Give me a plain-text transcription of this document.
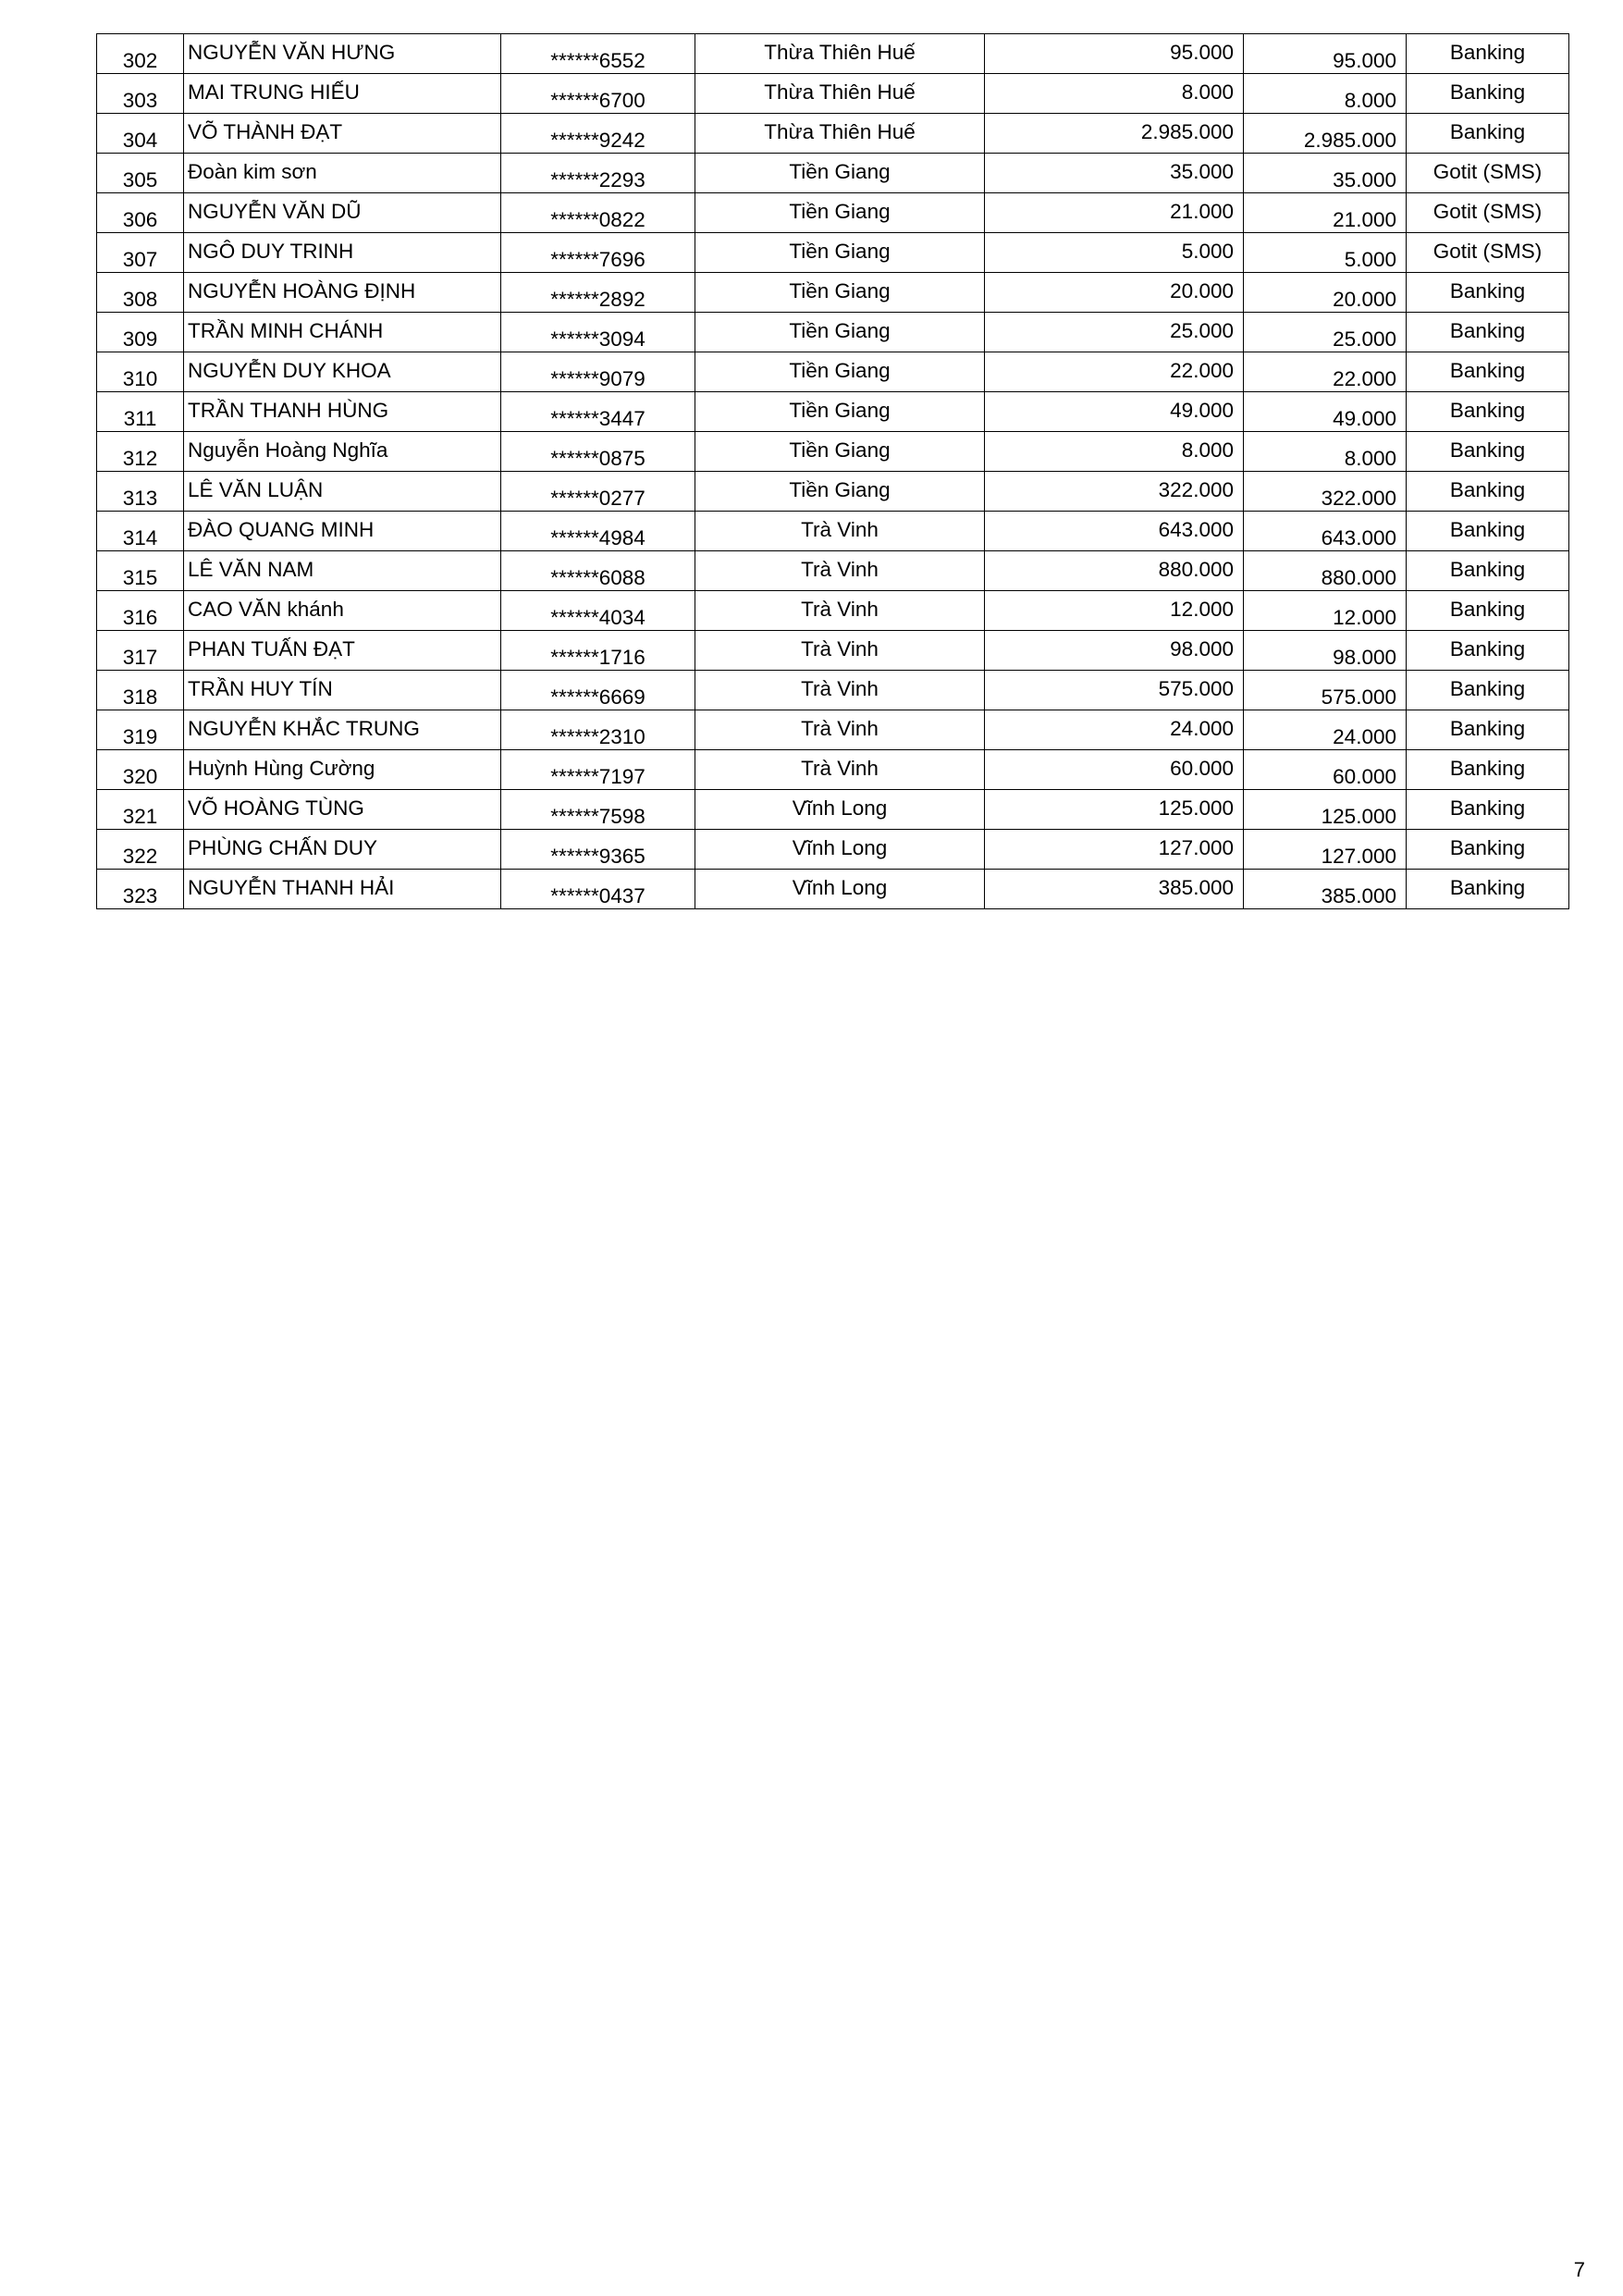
302	NGUYỄN VĂN HƯNG	******6552	Thừa Thiên Huế	95.000	95.000	Banking
303	MAI TRUNG HIẾU	******6700	Thừa Thiên Huế	8.000	8.000	Banking
304	VÕ THÀNH ĐẠT	******9242	Thừa Thiên Huế	2.985.000	2.985.000	Banking
305	Đoàn kim sơn	******2293	Tiền Giang	35.000	35.000	Gotit (SMS)
306	NGUYỄN VĂN DŨ	******0822	Tiền Giang	21.000	21.000	Gotit (SMS)
307	NGÔ DUY TRINH	******7696	Tiền Giang	5.000	5.000	Gotit (SMS)
308	NGUYỄN HOÀNG ĐỊNH	******2892	Tiền Giang	20.000	20.000	Banking
309	TRẦN MINH CHÁNH	******3094	Tiền Giang	25.000	25.000	Banking
310	NGUYỄN DUY KHOA	******9079	Tiền Giang	22.000	22.000	Banking
311	TRẦN THANH HÙNG	******3447	Tiền Giang	49.000	49.000	Banking
312	Nguyễn Hoàng Nghĩa	******0875	Tiền Giang	8.000	8.000	Banking
313	LÊ VĂN LUẬN	******0277	Tiền Giang	322.000	322.000	Banking
314	ĐÀO QUANG MINH	******4984	Trà Vinh	643.000	643.000	Banking
315	LÊ VĂN NAM	******6088	Trà Vinh	880.000	880.000	Banking
316	CAO VĂN khánh	******4034	Trà Vinh	12.000	12.000	Banking
317	PHAN TUẤN ĐẠT	******1716	Trà Vinh	98.000	98.000	Banking
318	TRẦN HUY TÍN	******6669	Trà Vinh	575.000	575.000	Banking
319	NGUYỄN KHẮC TRUNG	******2310	Trà Vinh	24.000	24.000	Banking
320	Huỳnh Hùng Cường	******7197	Trà Vinh	60.000	60.000	Banking
321	VÕ HOÀNG TÙNG	******7598	Vĩnh Long	125.000	125.000	Banking
322	PHÙNG CHẤN DUY	******9365	Vĩnh Long	127.000	127.000	Banking
323	NGUYỄN THANH HẢI	******0437	Vĩnh Long	385.000	385.000	Banking
7
